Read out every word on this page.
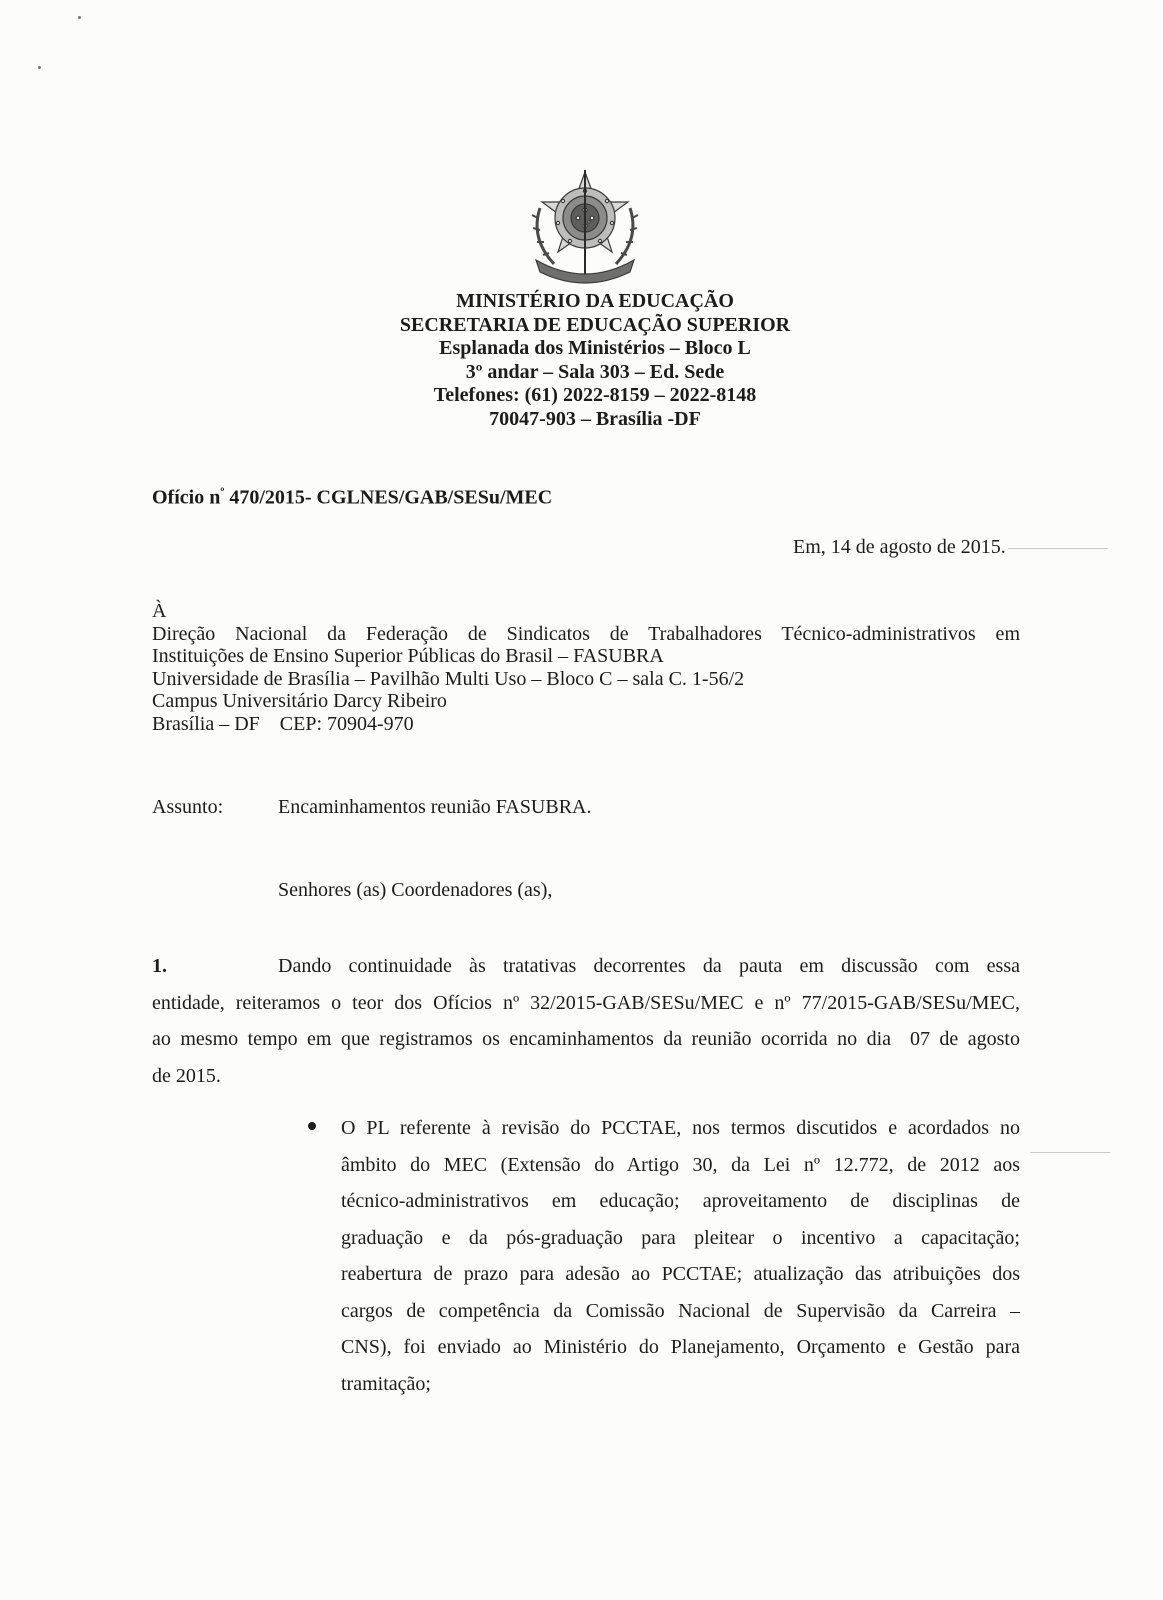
MINISTÉRIO DA EDUCAÇÃO
SECRETARIA DE EDUCAÇÃO SUPERIOR
Esplanada dos Ministérios – Bloco L
3º andar – Sala 303 – Ed. Sede
Telefones: (61) 2022-8159 – 2022-8148
70047-903 – Brasília -DF
Ofício $n^º$ 470/2015- CGLNES/GAB/SESu/MEC
Em, 14 de agosto de 2015.
À
Direção Nacional da Federação de Sindicatos de Trabalhadores Técnico-administrativos em
Instituições de Ensino Superior Públicas do Brasil – FASUBRA
Universidade de Brasília – Pavilhão Multi Uso – Bloco C – sala C. 1-56/2
Campus Universitário Darcy Ribeiro
Brasília – DF    CEP: 70904-970
Assunto:	Encaminhamentos reunião FASUBRA.
Senhores (as) Coordenadores (as),
1.	Dando continuidade às tratativas decorrentes da pauta em discussão com essa
entidade, reiteramos o teor dos Ofícios nº 32/2015-GAB/SESu/MEC e nº 77/2015-GAB/SESu/MEC,
ao mesmo tempo em que registramos os encaminhamentos da reunião ocorrida no dia  07 de agosto
de 2015.
O PL referente à revisão do PCCTAE, nos termos discutidos e acordados no
âmbito do MEC (Extensão do Artigo 30, da Lei nº 12.772, de 2012 aos
técnico-administrativos em educação; aproveitamento de disciplinas de
graduação e da pós-graduação para pleitear o incentivo a capacitação;
reabertura de prazo para adesão ao PCCTAE; atualização das atribuições dos
cargos de competência da Comissão Nacional de Supervisão da Carreira –
CNS), foi enviado ao Ministério do Planejamento, Orçamento e Gestão para
tramitação;
